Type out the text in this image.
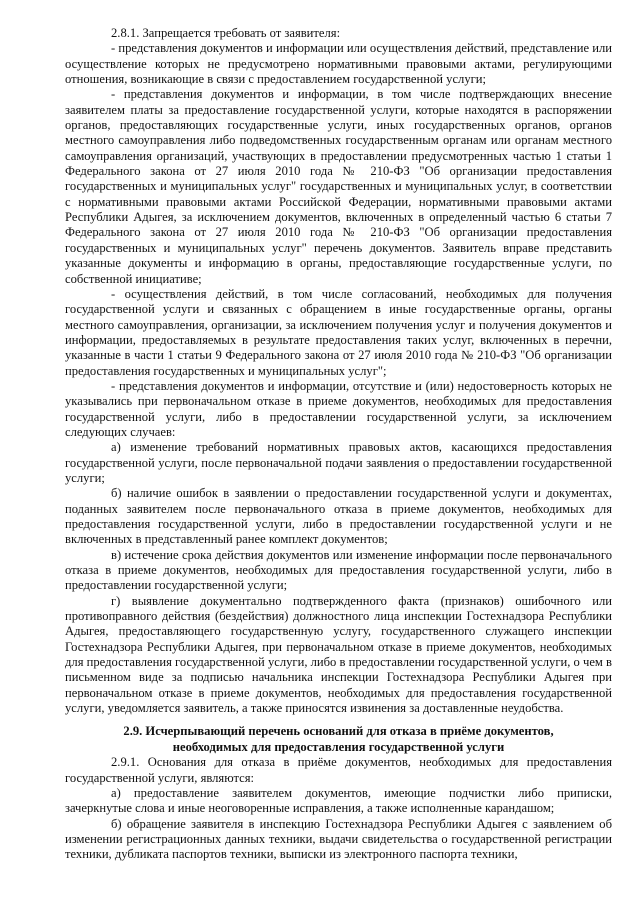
2.8.1. Запрещается требовать от заявителя:

- представления документов и информации или осуществления действий, представление или осуществление которых не предусмотрено нормативными правовыми актами, регулирующими отношения, возникающие в связи с предоставлением государственной услуги;

- представления документов и информации, в том числе подтверждающих внесение заявителем платы за предоставление государственной услуги, которые находятся в распоряжении органов, предоставляющих государственные услуги, иных государственных органов, органов местного самоуправления либо подведомственных государственным органам или органам местного самоуправления организаций, участвующих в предоставлении предусмотренных частью 1 статьи 1 Федерального закона от 27 июля 2010 года № 210-ФЗ "Об организации предоставления государственных и муниципальных услуг" государственных и муниципальных услуг, в соответствии с нормативными правовыми актами Российской Федерации, нормативными правовыми актами Республики Адыгея, за исключением документов, включенных в определенный частью 6 статьи 7 Федерального закона от 27 июля 2010 года № 210-ФЗ "Об организации предоставления государственных и муниципальных услуг" перечень документов. Заявитель вправе представить указанные документы и информацию в органы, предоставляющие государственные услуги, по собственной инициативе;

- осуществления действий, в том числе согласований, необходимых для получения государственной услуги и связанных с обращением в иные государственные органы, органы местного самоуправления, организации, за исключением получения услуг и получения документов и информации, предоставляемых в результате предоставления таких услуг, включенных в перечни, указанные в части 1 статьи 9 Федерального закона от 27 июля 2010 года № 210-ФЗ "Об организации предоставления государственных и муниципальных услуг";

- представления документов и информации, отсутствие и (или) недостоверность которых не указывались при первоначальном отказе в приеме документов, необходимых для предоставления государственной услуги, либо в предоставлении государственной услуги, за исключением следующих случаев:

а) изменение требований нормативных правовых актов, касающихся предоставления государственной услуги, после первоначальной подачи заявления о предоставлении государственной услуги;

б) наличие ошибок в заявлении о предоставлении государственной услуги и документах, поданных заявителем после первоначального отказа в приеме документов, необходимых для предоставления государственной услуги, либо в предоставлении государственной услуги и не включенных в представленный ранее комплект документов;

в) истечение срока действия документов или изменение информации после первоначального отказа в приеме документов, необходимых для предоставления государственной услуги, либо в предоставлении государственной услуги;

г) выявление документально подтвержденного факта (признаков) ошибочного или противоправного действия (бездействия) должностного лица инспекции Гостехнадзора Республики Адыгея, предоставляющего государственную услугу, государственного служащего инспекции Гостехнадзора Республики Адыгея, при первоначальном отказе в приеме документов, необходимых для предоставления государственной услуги, либо в предоставлении государственной услуги, о чем в письменном виде за подписью начальника инспекции Гостехнадзора Республики Адыгея при первоначальном отказе в приеме документов, необходимых для предоставления государственной услуги, уведомляется заявитель, а также приносятся извинения за доставленные неудобства.

2.9. Исчерпывающий перечень оснований для отказа в приёме документов,
необходимых для предоставления государственной услуги

2.9.1. Основания для отказа в приёме документов, необходимых для предоставления государственной услуги, являются:

а) предоставление заявителем документов, имеющие подчистки либо приписки, зачеркнутые слова и иные неоговоренные исправления, а также исполненные карандашом;

б) обращение заявителя в инспекцию Гостехнадзора Республики Адыгея с заявлением об изменении регистрационных данных техники, выдачи свидетельства о государственной регистрации техники, дубликата паспортов техники, выписки из электронного паспорта техники,
